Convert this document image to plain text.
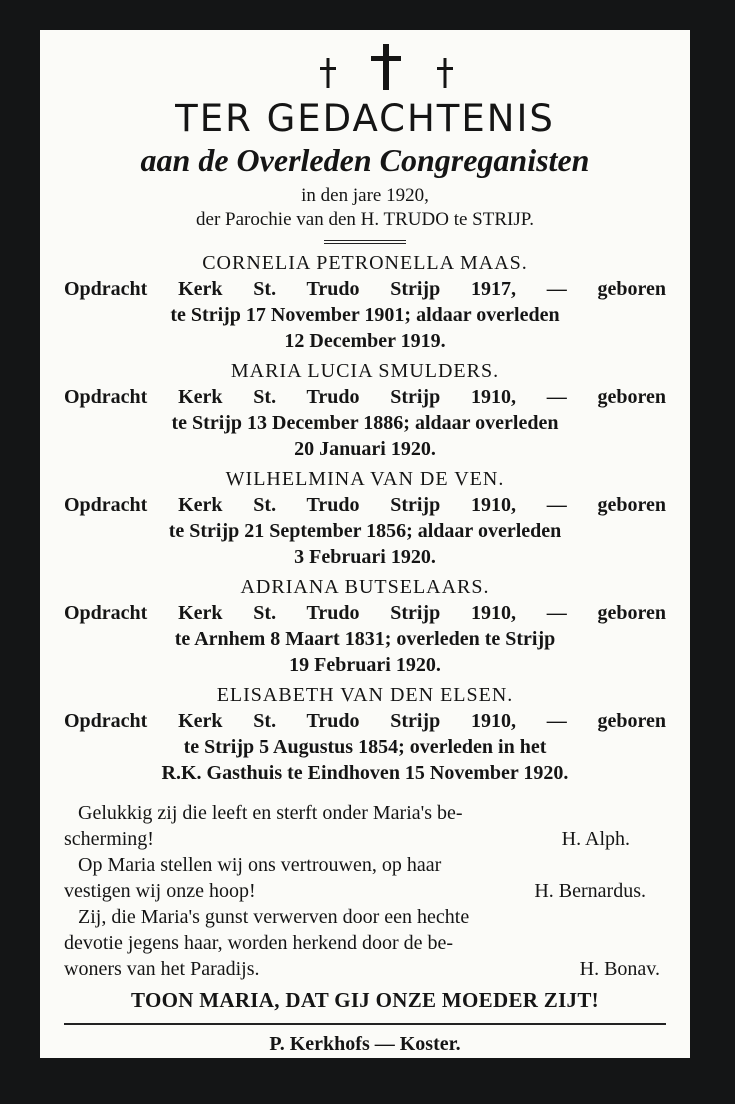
TER GEDACHTENIS
aan de Overleden Congreganisten
in den jare 1920,
der Parochie van den H. TRUDO te STRIJP.
CORNELIA PETRONELLA MAAS.
Opdracht Kerk St. Trudo Strijp 1917, — geboren
te Strijp 17 November 1901; aldaar overleden
12 December 1919.
MARIA LUCIA SMULDERS.
Opdracht Kerk St. Trudo Strijp 1910, — geboren
te Strijp 13 December 1886; aldaar overleden
20 Januari 1920.
WILHELMINA VAN DE VEN.
Opdracht Kerk St. Trudo Strijp 1910, — geboren
te Strijp 21 September 1856; aldaar overleden
3 Februari 1920.
ADRIANA BUTSELAARS.
Opdracht Kerk St. Trudo Strijp 1910, — geboren
te Arnhem 8 Maart 1831; overleden te Strijp
19 Februari 1920.
ELISABETH VAN DEN ELSEN.
Opdracht Kerk St. Trudo Strijp 1910, — geboren
te Strijp 5 Augustus 1854; overleden in het
R.K. Gasthuis te Eindhoven 15 November 1920.
Gelukkig zij die leeft en sterft onder Maria's be-
scherming!	H. Alph.
Op Maria stellen wij ons vertrouwen, op haar
vestigen wij onze hoop!	H. Bernardus.
Zij, die Maria's gunst verwerven door een hechte
devotie jegens haar, worden herkend door de be-
woners van het Paradijs.	H. Bonav.
TOON MARIA, DAT GIJ ONZE MOEDER ZIJT!
P. Kerkhofs — Koster.
